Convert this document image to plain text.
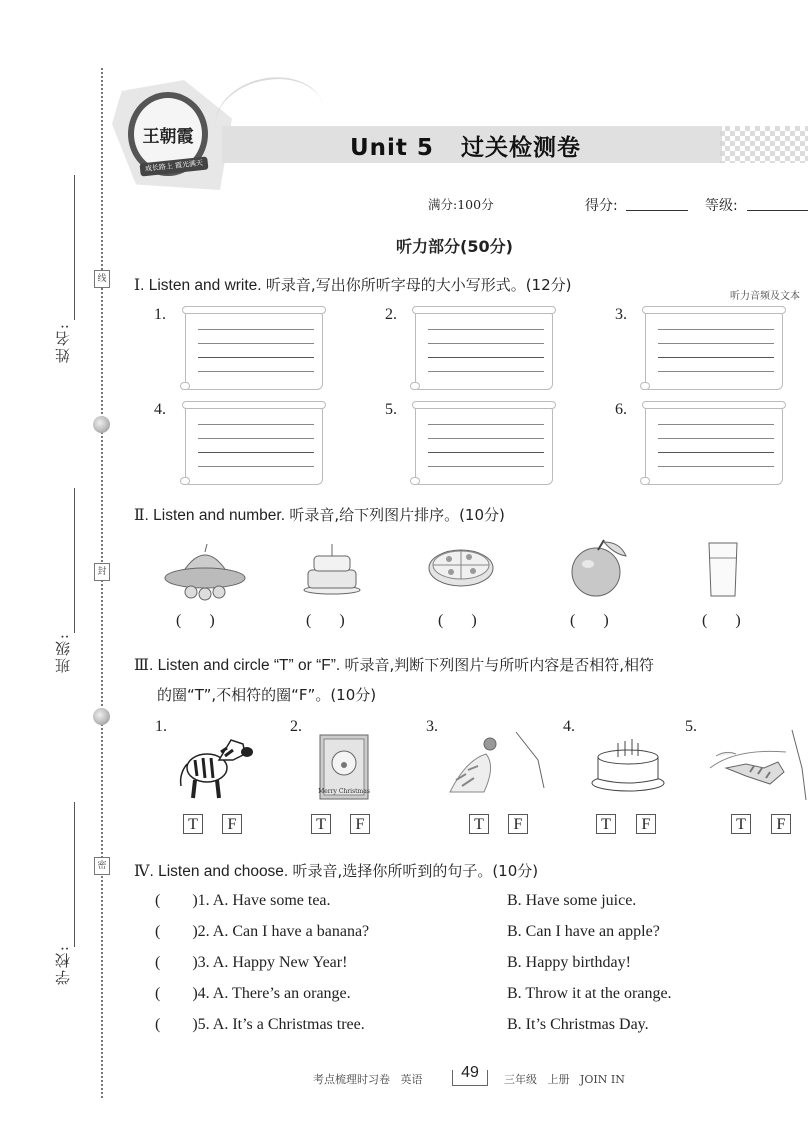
线
封
密
姓名:
班级:
学校:
王朝霞
成长路上 霞光满天
Unit 5   过关检测卷
满分:100分	得分:	等级:
听力部分(50分)
听力音频及文本
Ⅰ. Listen and write. 听录音,写出你所听字母的大小写形式。(12分)
1.	2.	3.
4.	5.	6.
Ⅱ. Listen and number. 听录音,给下列图片排序。(10分)
(       )	(       )	(       )	(       )	(       )
Ⅲ. Listen and circle “T” or “F”. 听录音,判断下列图片与所听内容是否相符,相符
的圈“T”,不相符的圈“F”。(10分)
1.	2.	3.	4.	5.
Merry Christmas
T	F	T	F	T	F	T	F	T	F
Ⅳ. Listen and choose. 听录音,选择你所听到的句子。(10分)
(        )1. A. Have some tea.	B. Have some juice.
(        )2. A. Can I have a banana?	B. Can I have an apple?
(        )3. A. Happy New Year!	B. Happy birthday!
(        )4. A. There’s an orange.	B. Throw it at the orange.
(        )5. A. It’s a Christmas tree.	B. It’s Christmas Day.
考点梳理时习卷   英语	49	三年级   上册   JOIN IN
